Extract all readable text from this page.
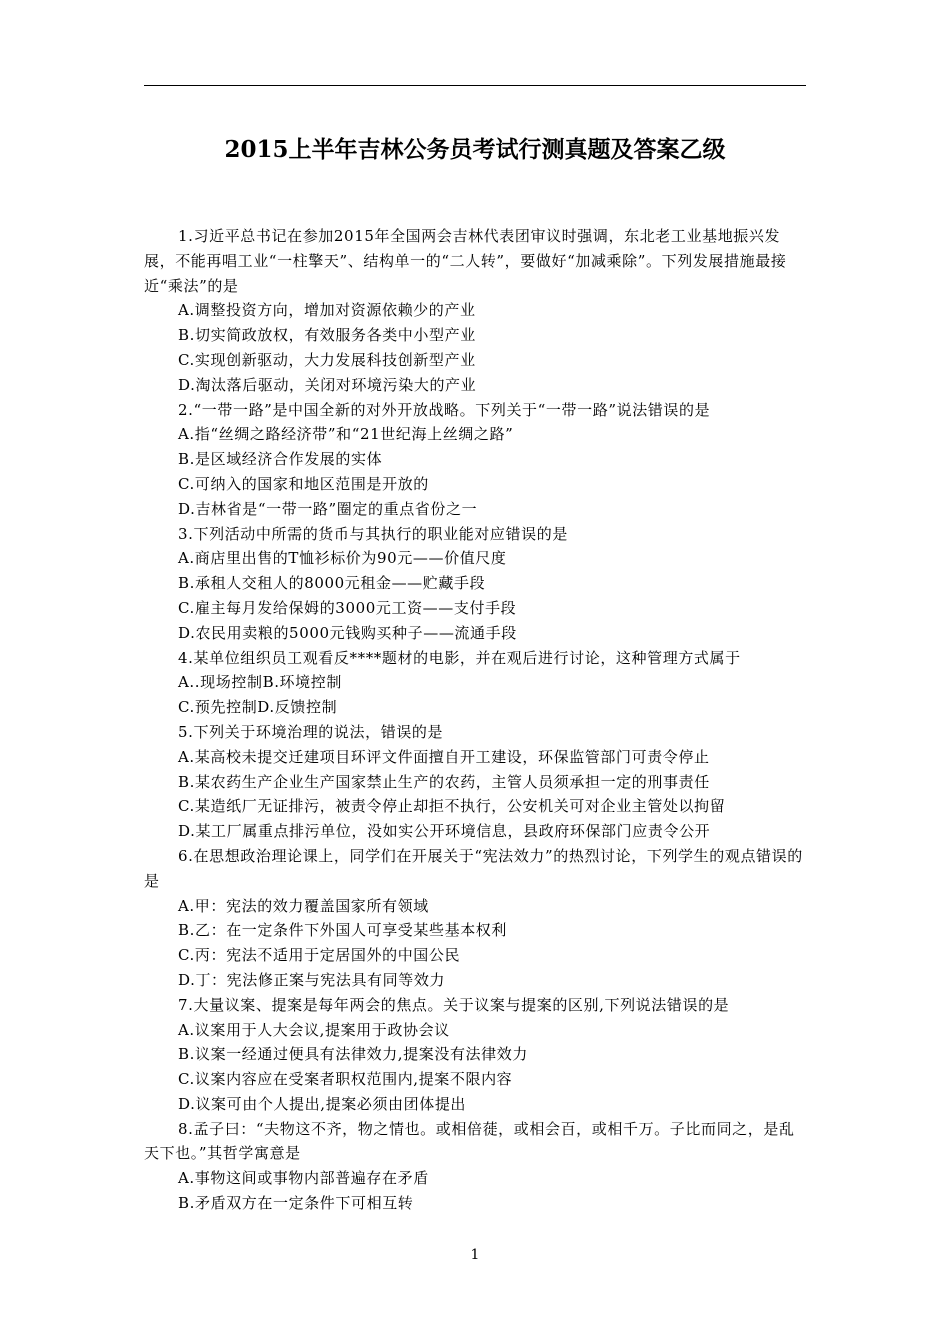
2015上半年吉林公务员考试行测真题及答案乙级

1.习近平总书记在参加2015年全国两会吉林代表团审议时强调，东北老工业基地振兴发展，不能再唱工业“一柱擎天”、结构单一的“二人转”，要做好“加减乘除”。下列发展措施最接近“乘法”的是

A.调整投资方向，增加对资源依赖少的产业

B.切实简政放权，有效服务各类中小型产业

C.实现创新驱动，大力发展科技创新型产业

D.淘汰落后驱动，关闭对环境污染大的产业

2.“一带一路”是中国全新的对外开放战略。下列关于“一带一路”说法错误的是

A.指“丝绸之路经济带”和“21世纪海上丝绸之路”

B.是区域经济合作发展的实体

C.可纳入的国家和地区范围是开放的

D.吉林省是“一带一路”圈定的重点省份之一

3.下列活动中所需的货币与其执行的职业能对应错误的是

A.商店里出售的T恤衫标价为90元——价值尺度

B.承租人交租人的8000元租金——贮藏手段

C.雇主每月发给保姆的3000元工资——支付手段

D.农民用卖粮的5000元钱购买种子——流通手段

4.某单位组织员工观看反****题材的电影，并在观后进行讨论，这种管理方式属于

A..现场控制B.环境控制

C.预先控制D.反馈控制

5.下列关于环境治理的说法，错误的是

A.某高校未提交迁建项目环评文件面擅自开工建设，环保监管部门可责令停止

B.某农药生产企业生产国家禁止生产的农药，主管人员须承担一定的刑事责任

C.某造纸厂无证排污，被责令停止却拒不执行，公安机关可对企业主管处以拘留

D.某工厂属重点排污单位，没如实公开环境信息，县政府环保部门应责令公开

6.在思想政治理论课上，同学们在开展关于“宪法效力”的热烈讨论，下列学生的观点错误的是

A.甲：宪法的效力覆盖国家所有领域

B.乙：在一定条件下外国人可享受某些基本权利

C.丙：宪法不适用于定居国外的中国公民

D.丁：宪法修正案与宪法具有同等效力

7.大量议案、提案是每年两会的焦点。关于议案与提案的区别,下列说法错误的是

A.议案用于人大会议,提案用于政协会议

B.议案一经通过便具有法律效力,提案没有法律效力

C.议案内容应在受案者职权范围内,提案不限内容

D.议案可由个人提出,提案必须由团体提出

8.孟子曰：“夫物这不齐，物之情也。或相倍蓰，或相会百，或相千万。子比而同之，是乱天下也。”其哲学寓意是

A.事物这间或事物内部普遍存在矛盾

B.矛盾双方在一定条件下可相互转

1
